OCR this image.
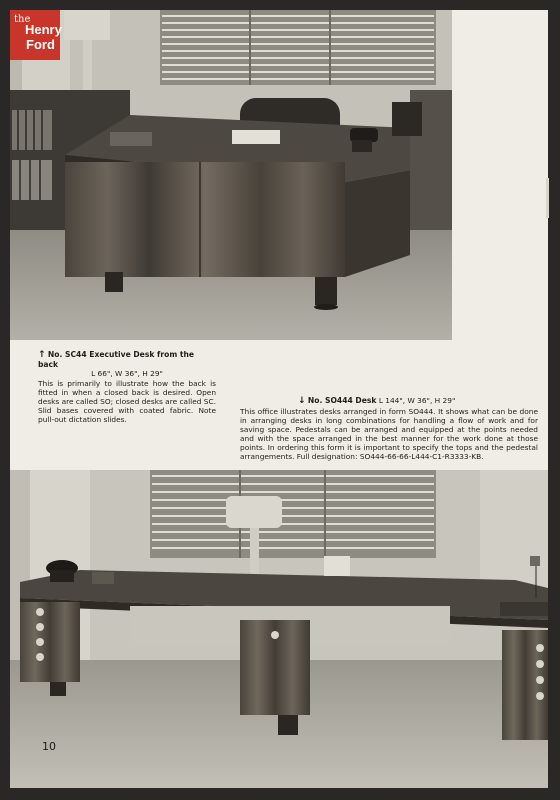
the
Henry
Ford
↑ No. SC44 Executive Desk from the back
L 66", W 36", H 29"
This is primarily to illustrate how the back is fitted in when a closed back is desired. Open desks are called SO; closed desks are called SC. Slid bases covered with coated fabric. Note pull-out dictation slides.
↓ No. SO444 Desk L 144", W 36", H 29"
This office illustrates desks arranged in form SO444. It shows what can be done in arranging desks in long combinations for handling a flow of work and for saving space. Pedestals can be arranged and equipped at the points needed and with the space arranged in the best manner for the work done at those points. In ordering this form it is important to specify the tops and the pedestal arrangements. Full designation: SO444-66-66-L444-C1-R3333-KB.
10
